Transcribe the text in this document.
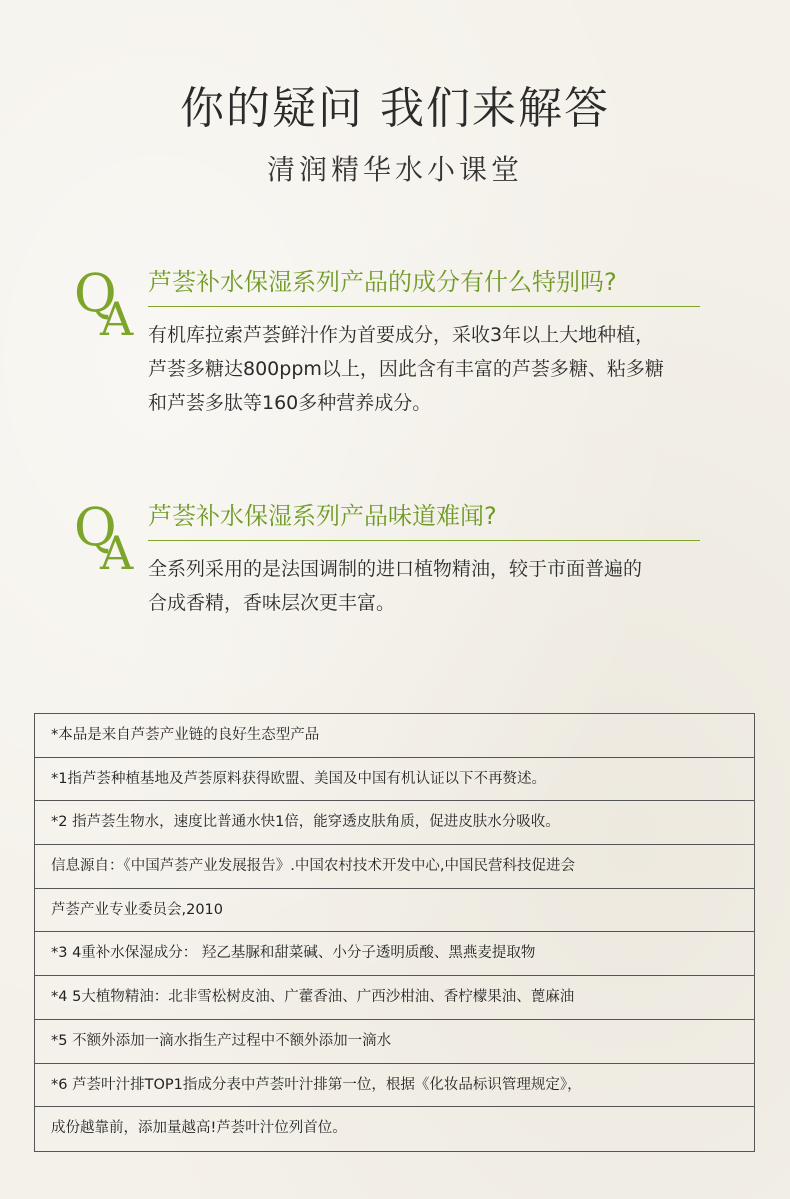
你的疑问 我们来解答
清润精华水小课堂
Q
A
芦荟补水保湿系列产品的成分有什么特别吗?
有机库拉索芦荟鲜汁作为首要成分，采收3年以上大地种植，
芦荟多糖达800ppm以上，因此含有丰富的芦荟多糖、粘多糖
和芦荟多肽等160多种营养成分。
Q
A
芦荟补水保湿系列产品味道难闻?
全系列采用的是法国调制的进口植物精油，较于市面普遍的
合成香精，香味层次更丰富。
*本品是来自芦荟产业链的良好生态型产品
*1指芦荟种植基地及芦荟原料获得欧盟、美国及中国有机认证以下不再赘述。
*2 指芦荟生物水，速度比普通水快1倍，能穿透皮肤角质，促进皮肤水分吸收。
信息源自：《中国芦荟产业发展报告》.中国农村技术开发中心,中国民营科技促进会
芦荟产业专业委员会,2010
*3 4重补水保湿成分： 羟乙基脲和甜菜碱、小分子透明质酸、黑燕麦提取物
*4 5大植物精油：北非雪松树皮油、广藿香油、广西沙柑油、香柠檬果油、蓖麻油
*5 不额外添加一滴水指生产过程中不额外添加一滴水
*6 芦荟叶汁排TOP1指成分表中芦荟叶汁排第一位，根据《化妆品标识管理规定》，
成份越靠前，添加量越高!芦荟叶汁位列首位。
